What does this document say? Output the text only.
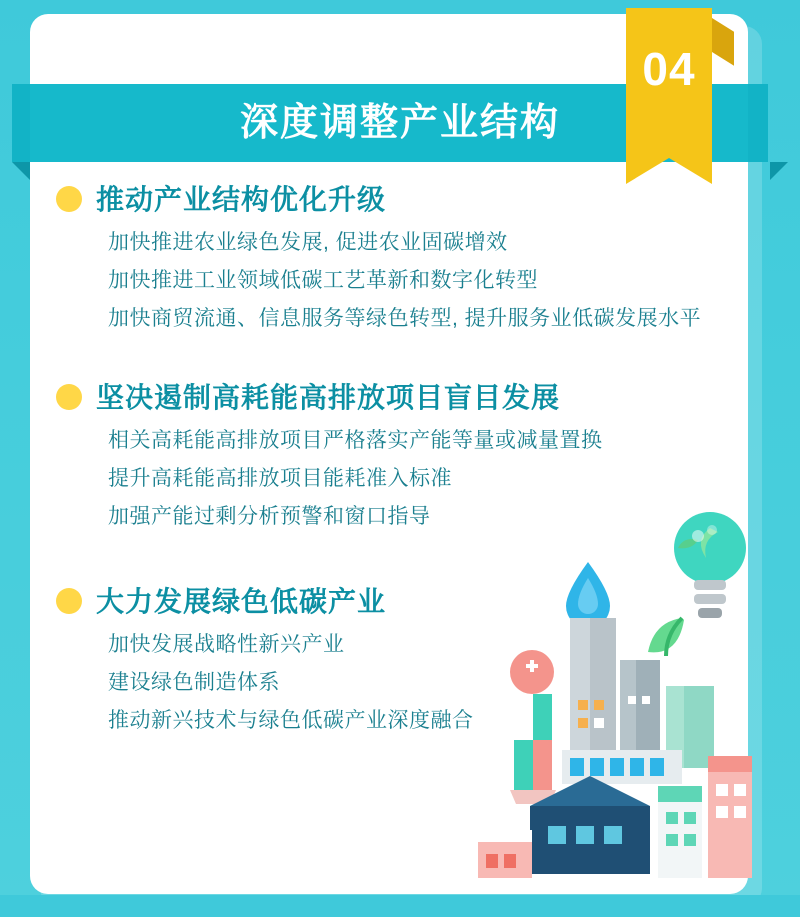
04
深度调整产业结构
推动产业结构优化升级
加快推进农业绿色发展, 促进农业固碳增效
加快推进工业领域低碳工艺革新和数字化转型
加快商贸流通、信息服务等绿色转型, 提升服务业低碳发展水平
坚决遏制高耗能高排放项目盲目发展
相关高耗能高排放项目严格落实产能等量或减量置换
提升高耗能高排放项目能耗准入标准
加强产能过剩分析预警和窗口指导
大力发展绿色低碳产业
加快发展战略性新兴产业
建设绿色制造体系
推动新兴技术与绿色低碳产业深度融合
